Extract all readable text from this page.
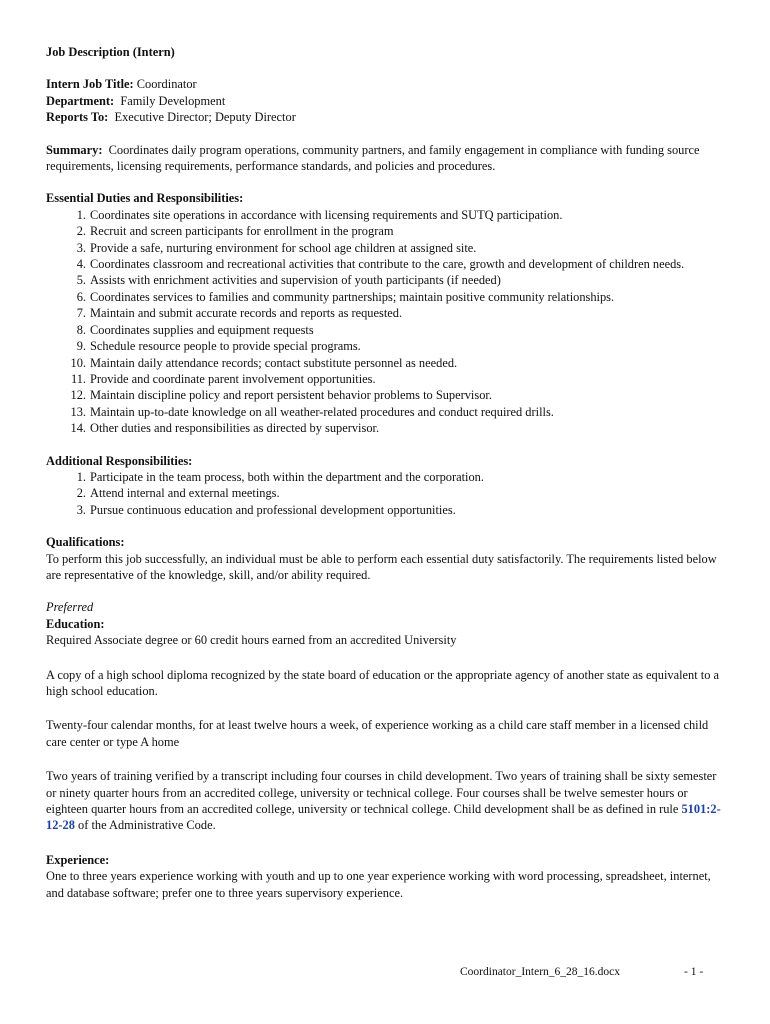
Job Description (Intern)

Intern Job Title: Coordinator

Department:  Family Development

Reports To:  Executive Director; Deputy Director

Summary:  Coordinates daily program operations, community partners, and family engagement in compliance with funding source requirements, licensing requirements, performance standards, and policies and procedures.

Essential Duties and Responsibilities:

1. Coordinates site operations in accordance with licensing requirements and SUTQ participation.
2. Recruit and screen participants for enrollment in the program
3. Provide a safe, nurturing environment for school age children at assigned site.
4. Coordinates classroom and recreational activities that contribute to the care, growth and development of children needs.
5. Assists with enrichment activities and supervision of youth participants (if needed)
6. Coordinates services to families and community partnerships; maintain positive community relationships.
7. Maintain and submit accurate records and reports as requested.
8. Coordinates supplies and equipment requests
9. Schedule resource people to provide special programs.
10. Maintain daily attendance records; contact substitute personnel as needed.
11. Provide and coordinate parent involvement opportunities.
12. Maintain discipline policy and report persistent behavior problems to Supervisor.
13. Maintain up-to-date knowledge on all weather-related procedures and conduct required drills.
14. Other duties and responsibilities as directed by supervisor.

Additional Responsibilities:

1. Participate in the team process, both within the department and the corporation.
2. Attend internal and external meetings.
3. Pursue continuous education and professional development opportunities.

Qualifications:

To perform this job successfully, an individual must be able to perform each essential duty satisfactorily. The requirements listed below are representative of the knowledge, skill, and/or ability required.

Preferred

Education:

Required Associate degree or 60 credit hours earned from an accredited University

A copy of a high school diploma recognized by the state board of education or the appropriate agency of another state as equivalent to a high school education.

Twenty-four calendar months, for at least twelve hours a week, of experience working as a child care staff member in a licensed child care center or type A home

Two years of training verified by a transcript including four courses in child development. Two years of training shall be sixty semester or ninety quarter hours from an accredited college, university or technical college. Four courses shall be twelve semester hours or eighteen quarter hours from an accredited college, university or technical college. Child development shall be as defined in rule 5101:2-12-28 of the Administrative Code.

Experience:

One to three years experience working with youth and up to one year experience working with word processing, spreadsheet, internet, and database software; prefer one to three years supervisory experience.

Coordinator_Intern_6_28_16.docx	- 1 -
